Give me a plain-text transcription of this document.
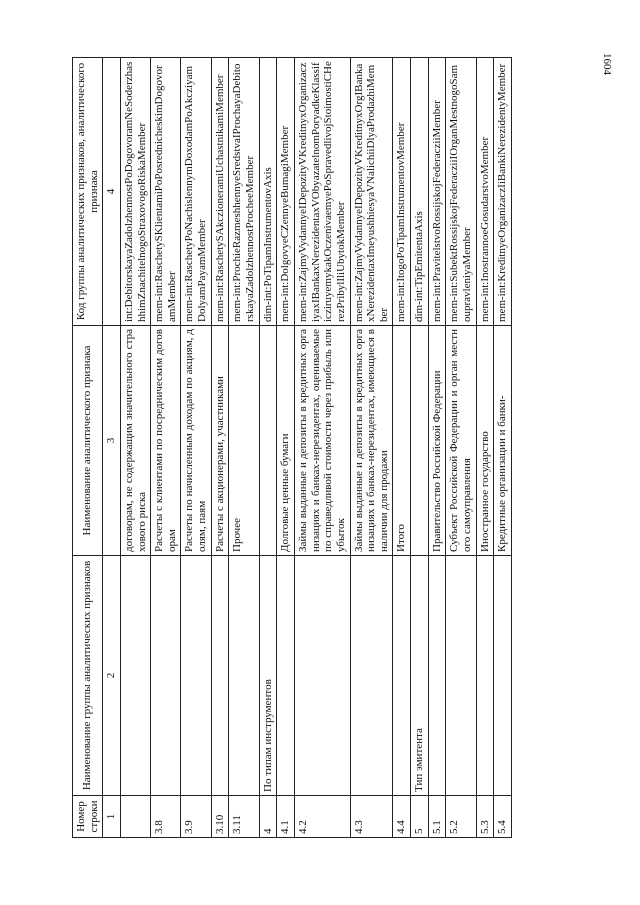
1604
Номер строки	Наименование группы аналитических признаков	Наименование аналитического признака	Код группы аналитических признаков, аналитического признака
1	2	3	4
		договорам, не содержащим значительного страхового риска	int:DebitorskayaZadolzhennostPoDogovoramNeSoderzhashhimZnachitelnogoStraxovogoRiskaMember
3.8		Расчеты с клиентами по посредническим договорам	mem-int:RaschetySKlientamiPoPosrednicheskimDogovoramMember
3.9		Расчеты по начисленным доходам по акциям, долям, паям	mem-int:RaschetyPoNachislennymDoxodamPoAkcziyamDolyamPayamMember
3.10		Расчеты с акционерами, участниками	mem-int:RaschetySAkczioneramiUchastnikamiMember
3.11		Прочее	mem-int:ProchieRazmeshhennyeSredstvaIProchayaDebitorskayaZadolzhennostProcheeMember
4	По типам инструментов		dim-int:PoTipamInstrumentovAxis
4.1		Долговые ценные бумаги	mem-int:DolgovyeCZennyeBumagiMember
4.2		Займы выданные и депозиты в кредитных организациях и банках-нерезидентах, оцениваемые по справедливой стоимости через прибыль или убыток	mem-int:ZajmyVydannyeIDepozityVKreditnyxOrganizacziyaxIBankaxNerezidentaxVObyazatelnomPoryadkeKlassificziruyemykakOczenivaemyePoSpravedlivojStoimostiCHerezPribylIliUbytokMember
4.3		Займы выданные и депозиты в кредитных организациях и банках-нерезидентах, имеющиеся в наличии для продажи	mem-int:ZajmyVydannyeIDepozityVKreditnyxOrgIBankaxNerezidentaxImeyushhiesyaVNalichiiDlyaProdazhiMember
4.4		Итого	mem-int:ItogoPoTipamInstrumentovMember
5	Тип эмитента		dim-int:TipEmitentaAxis
5.1		Правительство Российской Федерации	mem-int:PravitelstvoRossijskojFederacziiMember
5.2		Субъект Российской Федерации и орган местного самоуправления	mem-int:SubektRossijskojFederacziiIOrganMestnogoSamoupravleniyaMember
5.3		Иностранное государство	mem-int:InostrannoeGosudarstvoMember
5.4		Кредитные организации и банки-	mem-int:KreditnyeOrganizaczIiBankiNerezidentyMember
